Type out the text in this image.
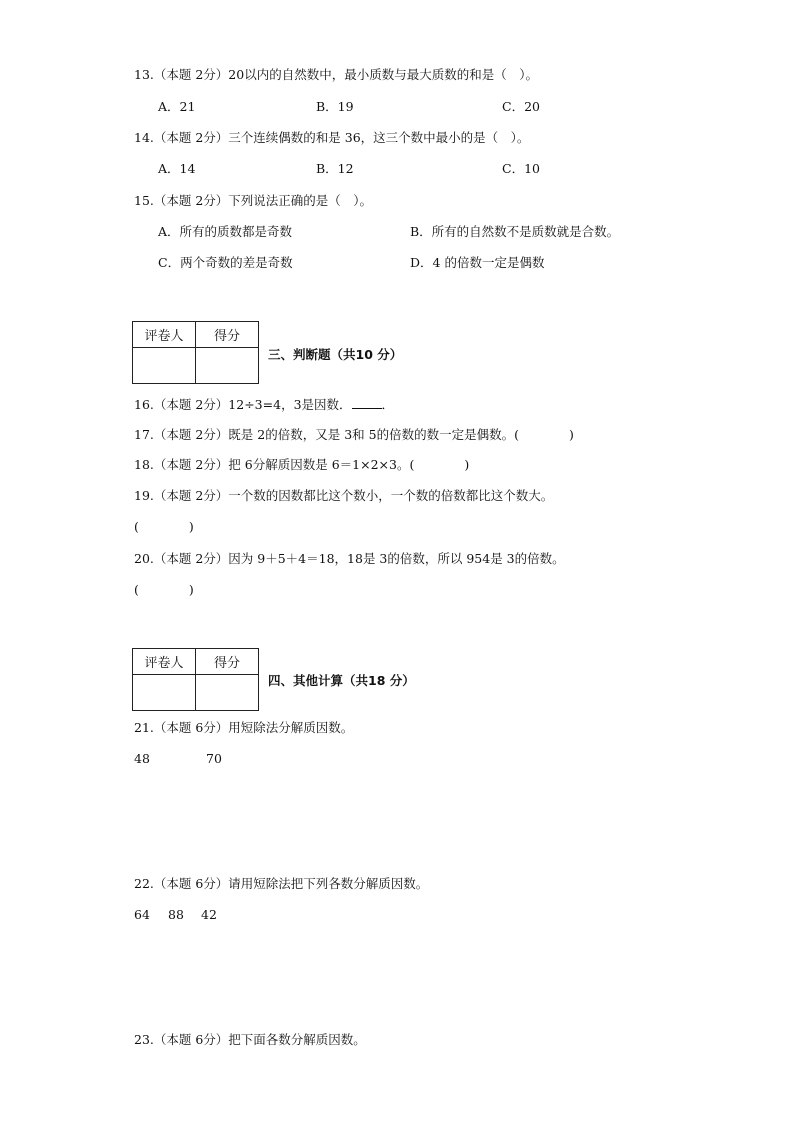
13.（本题 2分）20以内的自然数中，最小质数与最大质数的和是（　）。
A．21	B．19	C．20
14.（本题 2分）三个连续偶数的和是 36，这三个数中最小的是（　）。
A．14	B．12	C．10
15.（本题 2分）下列说法正确的是（　）。
A．所有的质数都是奇数	B．所有的自然数不是质数就是合数。
C．两个奇数的差是奇数	D．4 的倍数一定是偶数
评卷人	得分

三、判断题（共10 分）
16.（本题 2分）12÷3=4，3是因数． ．
17.（本题 2分）既是 2的倍数，又是 3和 5的倍数的数一定是偶数。(　　　　)
18.（本题 2分）把 6分解质因数是 6＝1×2×3。(　　　　)
19.（本题 2分）一个数的因数都比这个数小，一个数的倍数都比这个数大。
(　　　　)
20.（本题 2分）因为 9＋5＋4＝18，18是 3的倍数，所以 954是 3的倍数。
(　　　　)
评卷人	得分

四、其他计算（共18 分）
21.（本题 6分）用短除法分解质因数。
48	70
22.（本题 6分）请用短除法把下列各数分解质因数。
64 88 42
23.（本题 6分）把下面各数分解质因数。
